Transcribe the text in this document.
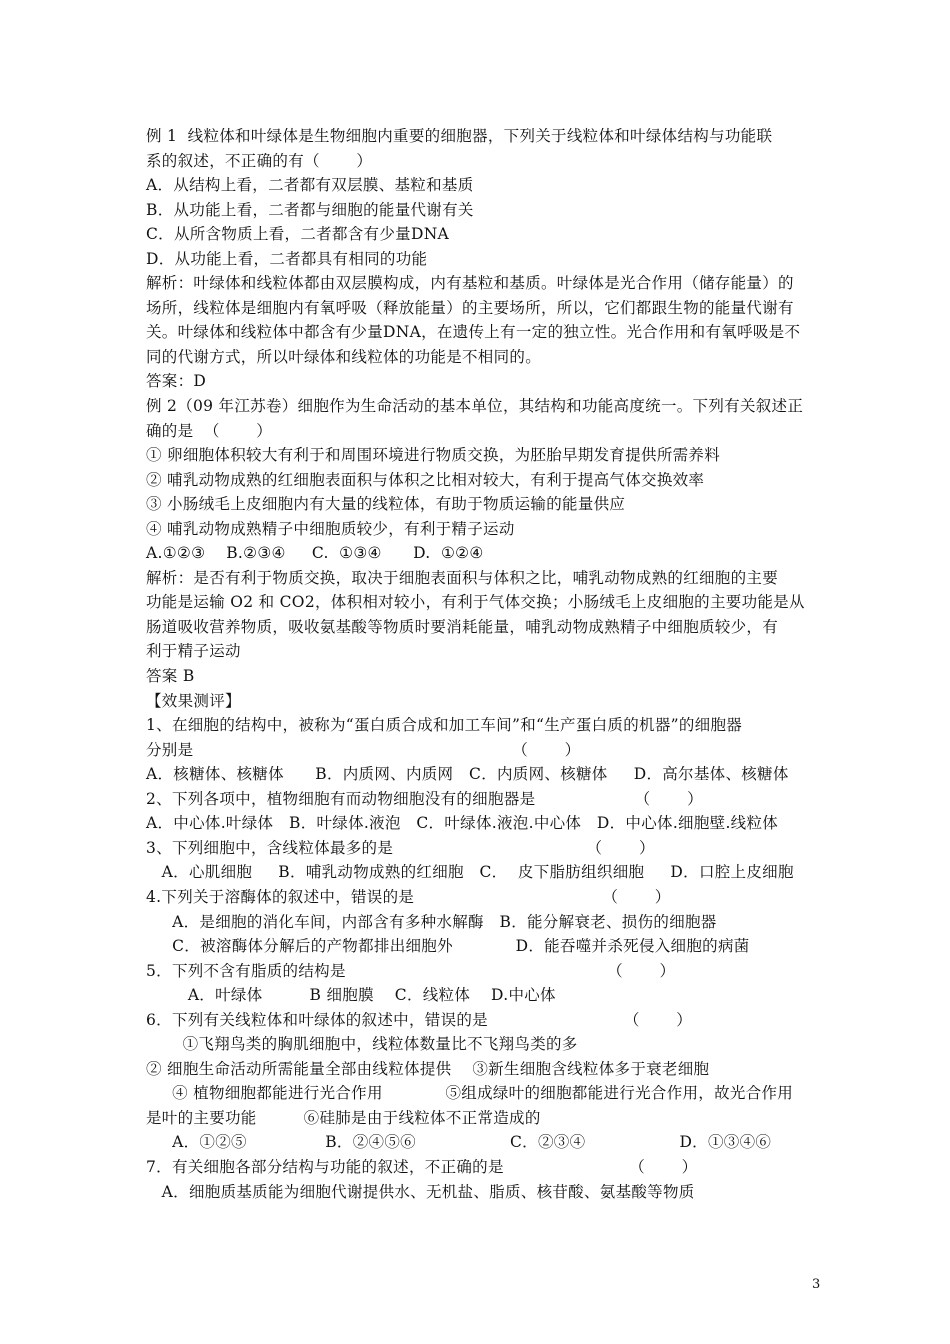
例 1  线粒体和叶绿体是生物细胞内重要的细胞器，下列关于线粒体和叶绿体结构与功能联
系的叙述，不正确的有（       ）
A．从结构上看，二者都有双层膜、基粒和基质
B．从功能上看，二者都与细胞的能量代谢有关
C．从所含物质上看，二者都含有少量DNA
D．从功能上看，二者都具有相同的功能
解析：叶绿体和线粒体都由双层膜构成，内有基粒和基质。叶绿体是光合作用（储存能量）的
场所，线粒体是细胞内有氧呼吸（释放能量）的主要场所，所以，它们都跟生物的能量代谢有
关。叶绿体和线粒体中都含有少量DNA，在遗传上有一定的独立性。光合作用和有氧呼吸是不
同的代谢方式，所以叶绿体和线粒体的功能是不相同的。
答案：D
例 2（09 年江苏卷）细胞作为生命活动的基本单位，其结构和功能高度统一。下列有关叙述正
确的是  （       ）
① 卵细胞体积较大有利于和周围环境进行物质交换，为胚胎早期发育提供所需养料
② 哺乳动物成熟的红细胞表面积与体积之比相对较大，有利于提高气体交换效率
③ 小肠绒毛上皮细胞内有大量的线粒体，有助于物质运输的能量供应
④ 哺乳动物成熟精子中细胞质较少，有利于精子运动
A.①②③    B.②③④     C.  ①③④      D.  ①②④
解析：是否有利于物质交换，取决于细胞表面积与体积之比，哺乳动物成熟的红细胞的主要
功能是运输 O2 和 CO2，体积相对较小，有利于气体交换；小肠绒毛上皮细胞的主要功能是从
肠道吸收营养物质，吸收氨基酸等物质时要消耗能量，哺乳动物成熟精子中细胞质较少，有
利于精子运动
答案 B
【效果测评】
1、在细胞的结构中，被称为“蛋白质合成和加工车间”和“生产蛋白质的机器”的细胞器
分别是                                                             （       ）
A．核糖体、核糖体      B．内质网、内质网   C．内质网、核糖体     D．高尔基体、核糖体
2、下列各项中，植物细胞有而动物细胞没有的细胞器是                   （       ）
A．中心体.叶绿体   B．叶绿体.液泡   C．叶绿体.液泡.中心体   D．中心体.细胞壁.线粒体
3、下列细胞中，含线粒体最多的是                                     （       ）
A．心肌细胞     B．哺乳动物成熟的红细胞   C．  皮下脂肪组织细胞     D．口腔上皮细胞
4.下列关于溶酶体的叙述中，错误的是                                    （       ）
A．是细胞的消化车间，内部含有多种水解酶   B．能分解衰老、损伤的细胞器
C．被溶酶体分解后的产物都排出细胞外            D．能吞噬并杀死侵入细胞的病菌
5．下列不含有脂质的结构是                                                  （       ）
A．叶绿体         B 细胞膜    C．线粒体    D.中心体
6．下列有关线粒体和叶绿体的叙述中，错误的是                          （       ）
①飞翔鸟类的胸肌细胞中，线粒体数量比不飞翔鸟类的多
② 细胞生命活动所需能量全部由线粒体提供    ③新生细胞含线粒体多于衰老细胞
④ 植物细胞都能进行光合作用            ⑤组成绿叶的细胞都能进行光合作用，故光合作用
是叶的主要功能         ⑥硅肺是由于线粒体不正常造成的
A．①②⑤               B．②④⑤⑥                  C．②③④                  D．①③④⑥
7．有关细胞各部分结构与功能的叙述，不正确的是                        （       ）
A．细胞质基质能为细胞代谢提供水、无机盐、脂质、核苷酸、氨基酸等物质
3
